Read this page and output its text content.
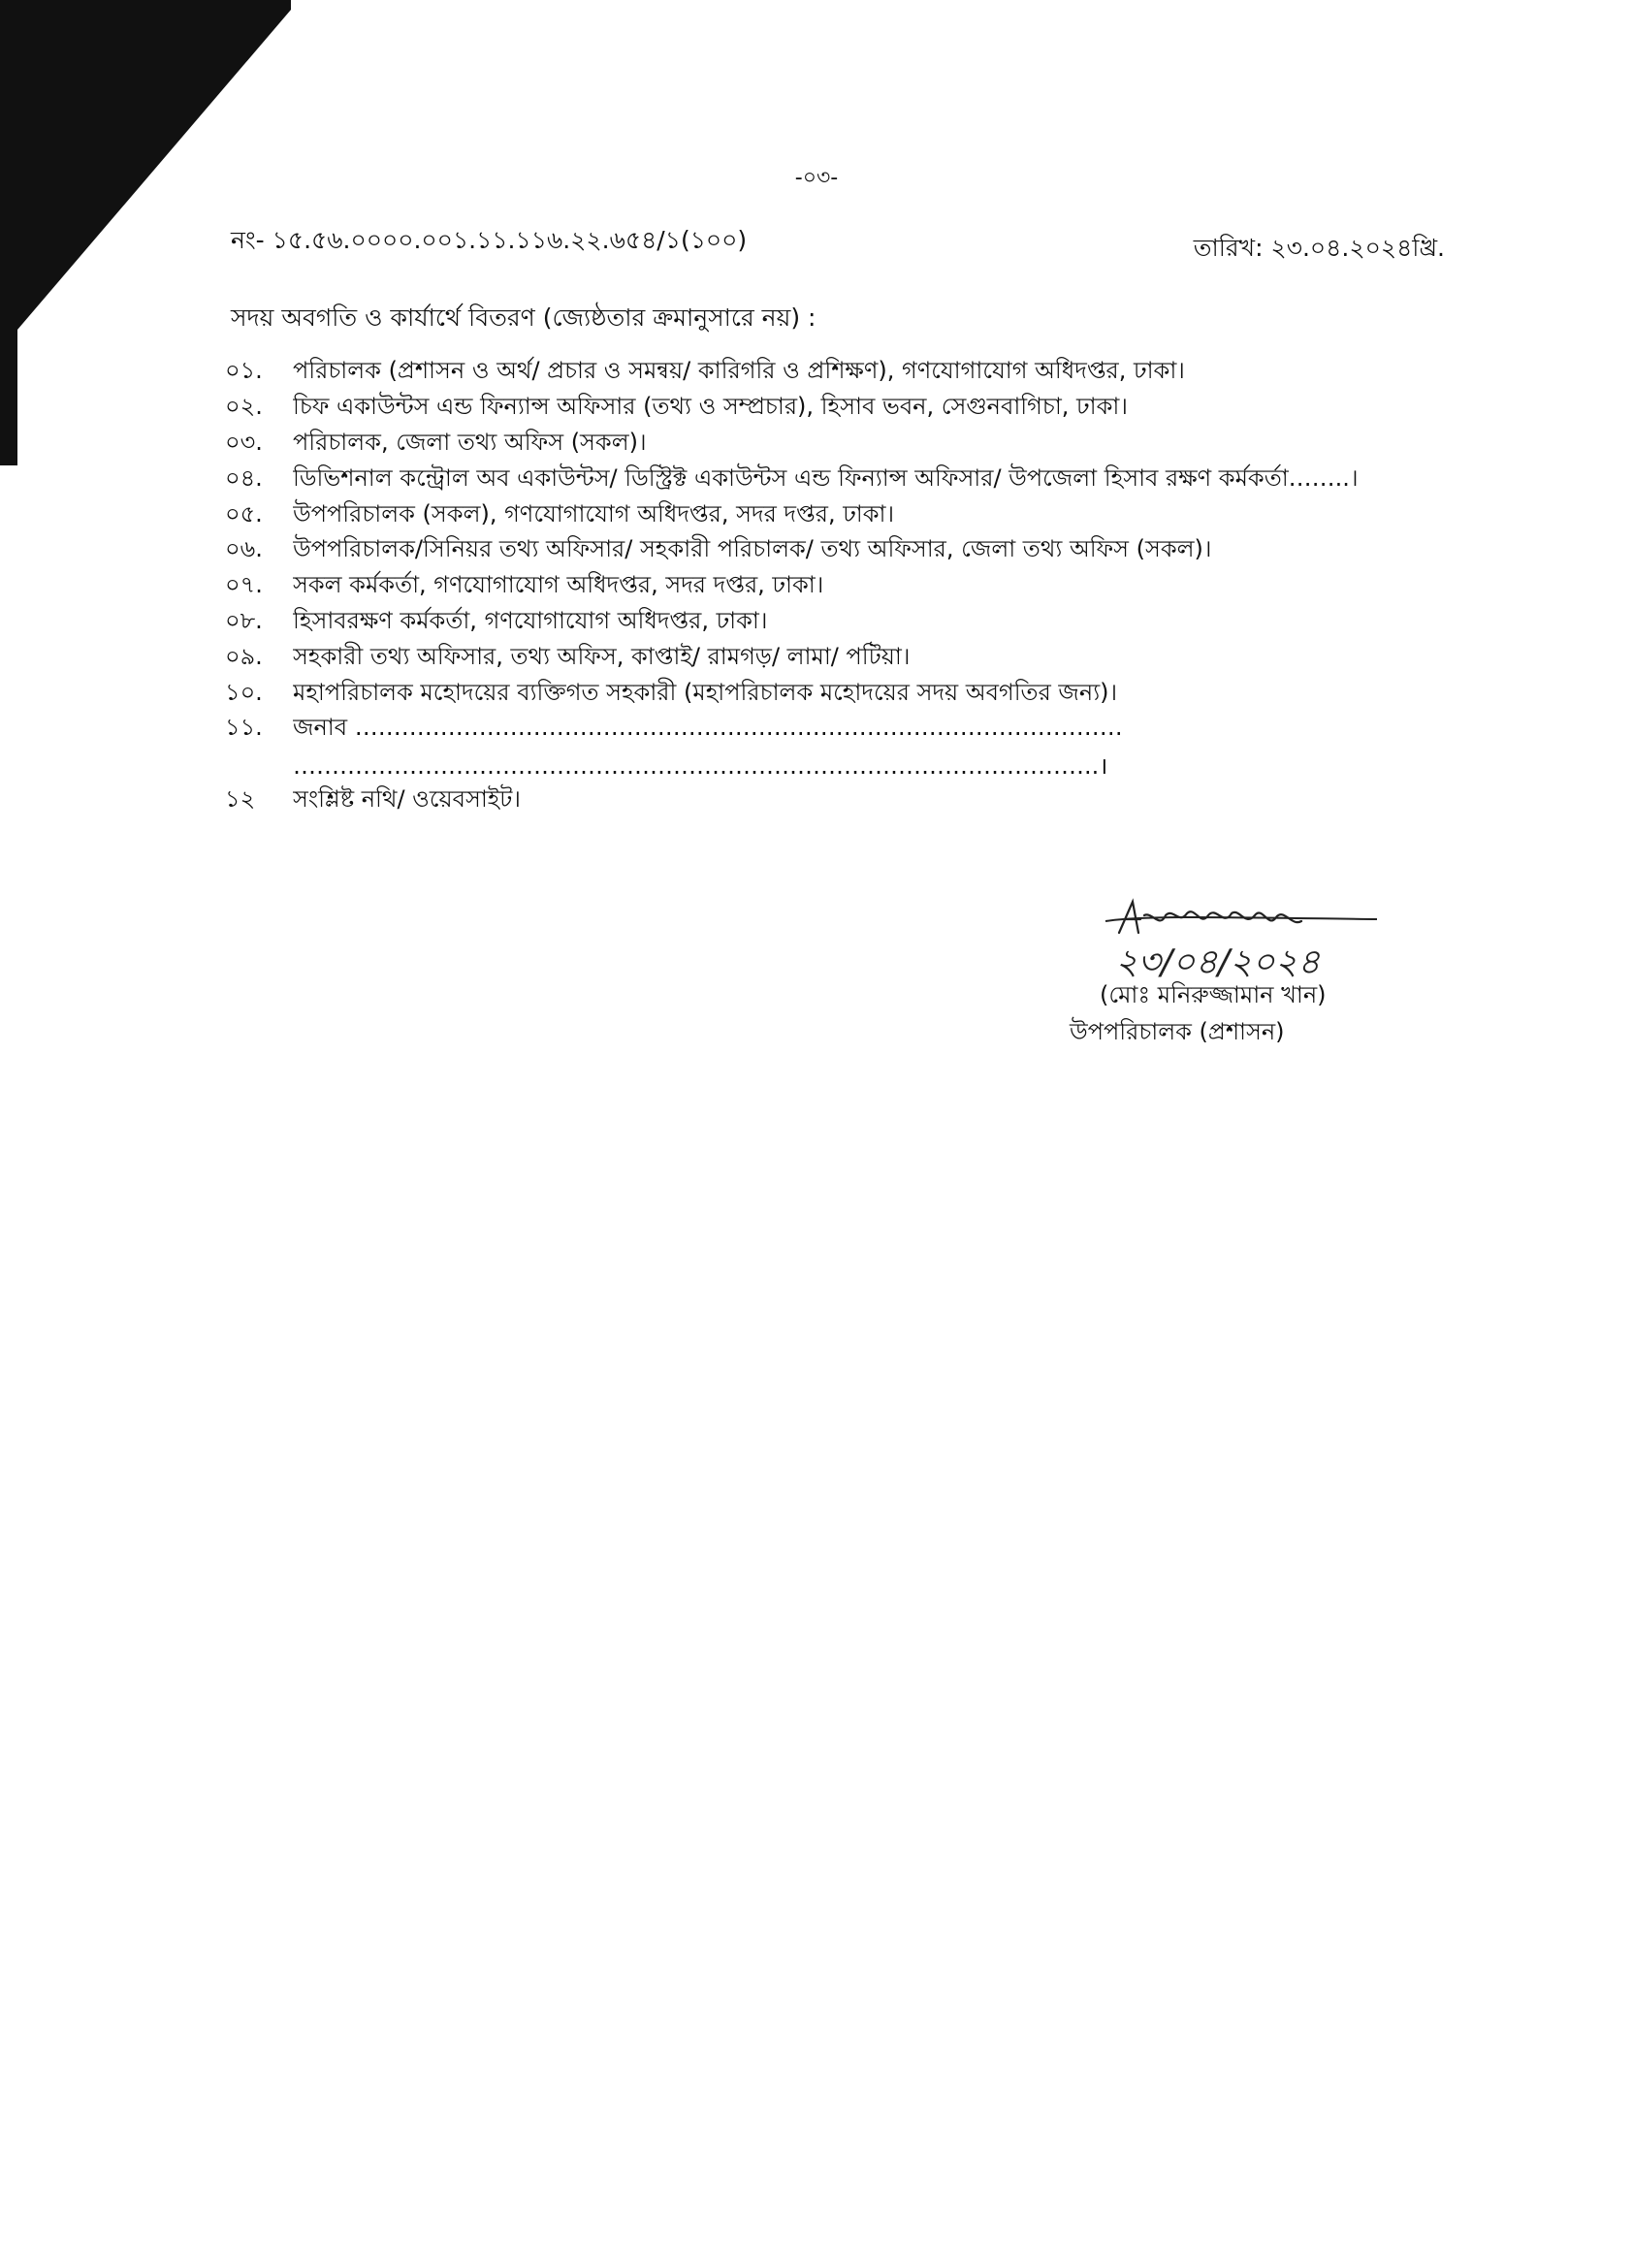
-০৩-
নং- ১৫.৫৬.০০০০.০০১.১১.১১৬.২২.৬৫৪/১(১০০)	তারিখ: ২৩.০৪.২০২৪খ্রি.
সদয় অবগতি ও কার্যার্থে বিতরণ (জ্যেষ্ঠতার ক্রমানুসারে নয়) :
০১.	পরিচালক (প্রশাসন ও অর্থ/ প্রচার ও সমন্বয়/ কারিগরি ও প্রশিক্ষণ), গণযোগাযোগ অধিদপ্তর, ঢাকা।
০২.	চিফ একাউন্টস এন্ড ফিন্যান্স অফিসার (তথ্য ও সম্প্রচার), হিসাব ভবন, সেগুনবাগিচা, ঢাকা।
০৩.	পরিচালক, জেলা তথ্য অফিস (সকল)।
০৪.	ডিভিশনাল কন্ট্রোল অব একাউন্টস/ ডিস্ট্রিক্ট একাউন্টস এন্ড ফিন্যান্স অফিসার/ উপজেলা হিসাব রক্ষণ কর্মকর্তা……..।
০৫.	উপপরিচালক (সকল), গণযোগাযোগ অধিদপ্তর, সদর দপ্তর, ঢাকা।
০৬.	উপপরিচালক/সিনিয়র তথ্য অফিসার/ সহকারী পরিচালক/ তথ্য অফিসার, জেলা তথ্য অফিস (সকল)।
০৭.	সকল কর্মকর্তা, গণযোগাযোগ অধিদপ্তর, সদর দপ্তর, ঢাকা।
০৮.	হিসাবরক্ষণ কর্মকর্তা, গণযোগাযোগ অধিদপ্তর, ঢাকা।
০৯.	সহকারী তথ্য অফিসার, তথ্য অফিস, কাপ্তাই/ রামগড়/ লামা/ পটিয়া।
১০.	মহাপরিচালক মহোদয়ের ব্যক্তিগত সহকারী (মহাপরিচালক মহোদয়ের সদয় অবগতির জন্য)।
১১.	জনাব ………………………………………………………………………………………
…………………………………………………………………………………………..।
১২	সংশ্লিষ্ট নথি/ ওয়েবসাইট।
২৩/০৪/২০২৪
(মোঃ মনিরুজ্জামান খান)
উপপরিচালক (প্রশাসন)
